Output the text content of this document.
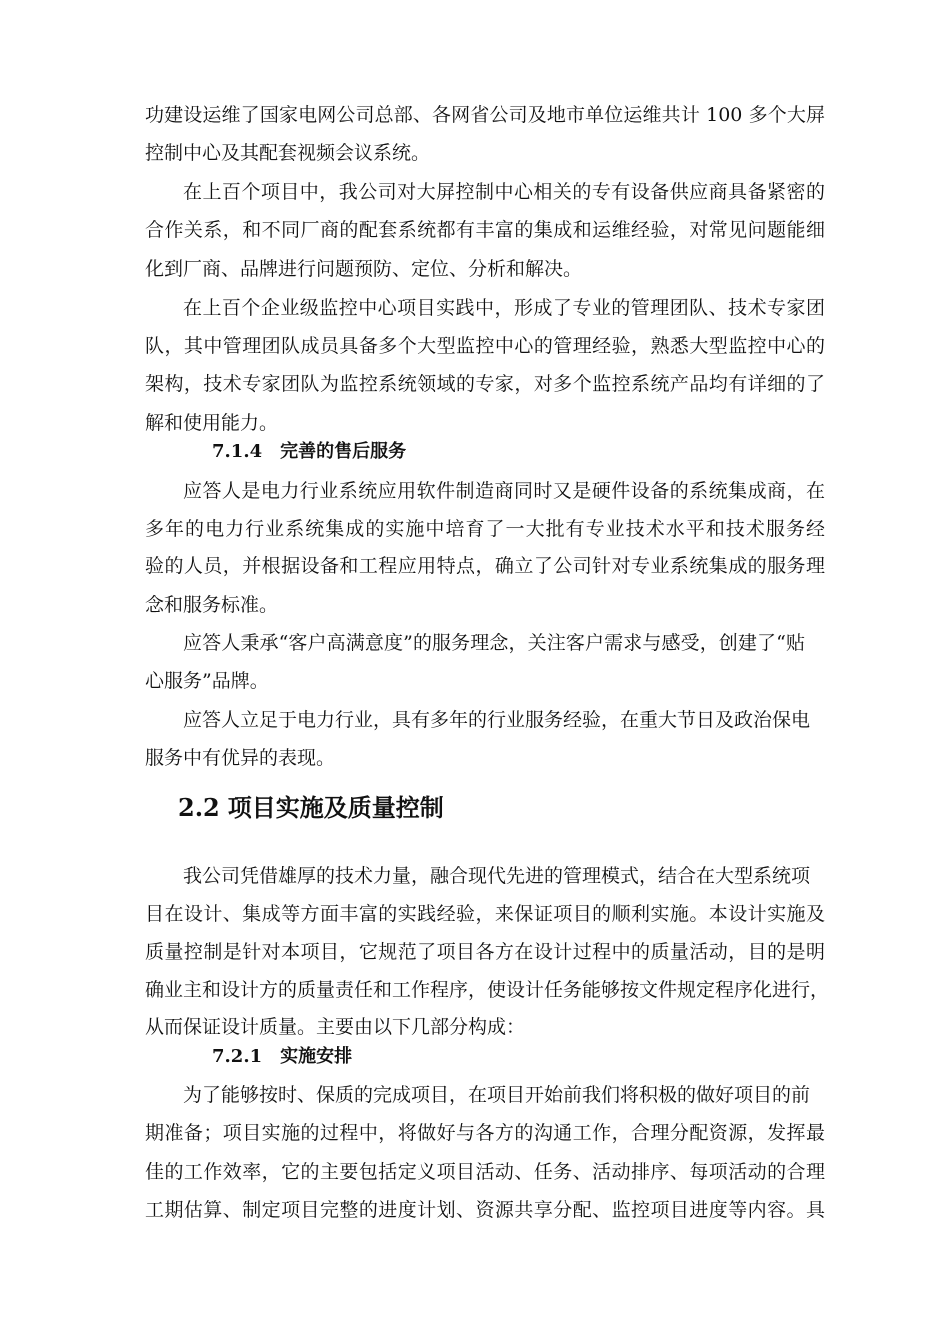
功建设运维了国家电网公司总部、各网省公司及地市单位运维共计 100 多个大屏
控制中心及其配套视频会议系统。
在上百个项目中，我公司对大屏控制中心相关的专有设备供应商具备紧密的
合作关系，和不同厂商的配套系统都有丰富的集成和运维经验，对常见问题能细
化到厂商、品牌进行问题预防、定位、分析和解决。
在上百个企业级监控中心项目实践中，形成了专业的管理团队、技术专家团
队，其中管理团队成员具备多个大型监控中心的管理经验，熟悉大型监控中心的
架构，技术专家团队为监控系统领域的专家，对多个监控系统产品均有详细的了
解和使用能力。
7.1.4 完善的售后服务
应答人是电力行业系统应用软件制造商同时又是硬件设备的系统集成商，在
多年的电力行业系统集成的实施中培育了一大批有专业技术水平和技术服务经
验的人员，并根据设备和工程应用特点，确立了公司针对专业系统集成的服务理
念和服务标准。
应答人秉承“客户高满意度”的服务理念，关注客户需求与感受，创建了“贴
心服务”品牌。
应答人立足于电力行业，具有多年的行业服务经验，在重大节日及政治保电
服务中有优异的表现。
2.2 项目实施及质量控制
我公司凭借雄厚的技术力量，融合现代先进的管理模式，结合在大型系统项
目在设计、集成等方面丰富的实践经验，来保证项目的顺利实施。本设计实施及
质量控制是针对本项目，它规范了项目各方在设计过程中的质量活动，目的是明
确业主和设计方的质量责任和工作程序，使设计任务能够按文件规定程序化进行，
从而保证设计质量。主要由以下几部分构成：
7.2.1 实施安排
为了能够按时、保质的完成项目，在项目开始前我们将积极的做好项目的前
期准备；项目实施的过程中，将做好与各方的沟通工作，合理分配资源，发挥最
佳的工作效率，它的主要包括定义项目活动、任务、活动排序、每项活动的合理
工期估算、制定项目完整的进度计划、资源共享分配、监控项目进度等内容。具
